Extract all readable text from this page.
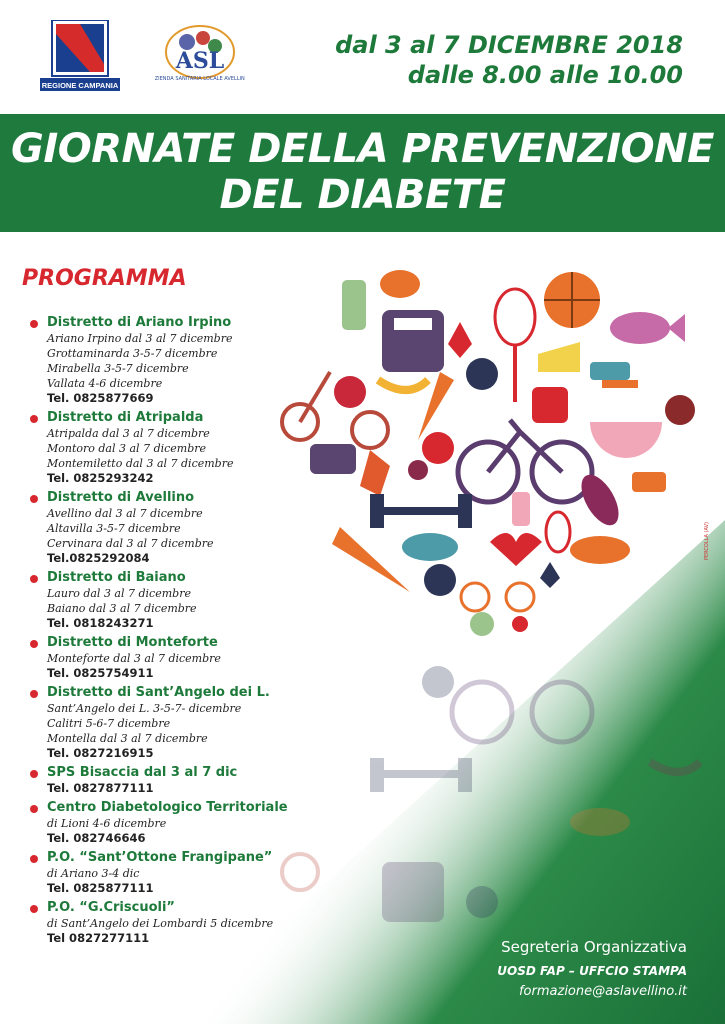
REGIONE CAMPANIA
ASL
AZIENDA SANITARIA LOCALE AVELLINO
dal 3 al 7 DICEMBRE 2018
dalle 8.00 alle 10.00
GIORNATE DELLA PREVENZIONE
DEL DIABETE
PROGRAMMA
Distretto di Ariano Irpino
Ariano Irpino dal 3 al 7 dicembre
Grottaminarda 3-5-7 dicembre
Mirabella 3-5-7 dicembre
Vallata 4-6 dicembre
Tel. 0825877669
Distretto di Atripalda
Atripalda dal 3 al 7 dicembre
Montoro dal 3 al 7 dicembre
Montemiletto dal 3 al 7 dicembre
Tel. 0825293242
Distretto di Avellino
Avellino dal 3 al 7 dicembre
Altavilla 3-5-7 dicembre
Cervinara dal 3 al 7 dicembre
Tel.0825292084
Distretto di Baiano
Lauro dal 3 al 7 dicembre
Baiano dal 3 al 7 dicembre
Tel. 0818243271
Distretto di Monteforte
Monteforte dal 3 al 7 dicembre
Tel. 0825754911
Distretto di Sant’Angelo dei L.
Sant’Angelo dei L. 3-5-7- dicembre
Calitri 5-6-7 dicembre
Montella dal 3 al 7 dicembre
Tel. 0827216915
SPS Bisaccia dal 3 al 7 dic
Tel. 0827877111
Centro Diabetologico Territoriale
di Lioni 4-6 dicembre
Tel. 082746646
P.O. “Sant’Ottone Frangipane”
di Ariano 3-4 dic
Tel. 0825877111
P.O. “G.Criscuoli”
di Sant’Angelo dei Lombardi 5 dicembre
Tel 0827277111
PERCOLLA (AV)
Segreteria Organizzativa
UOSD FAP – UFFCIO STAMPA
formazione@aslavellino.it
